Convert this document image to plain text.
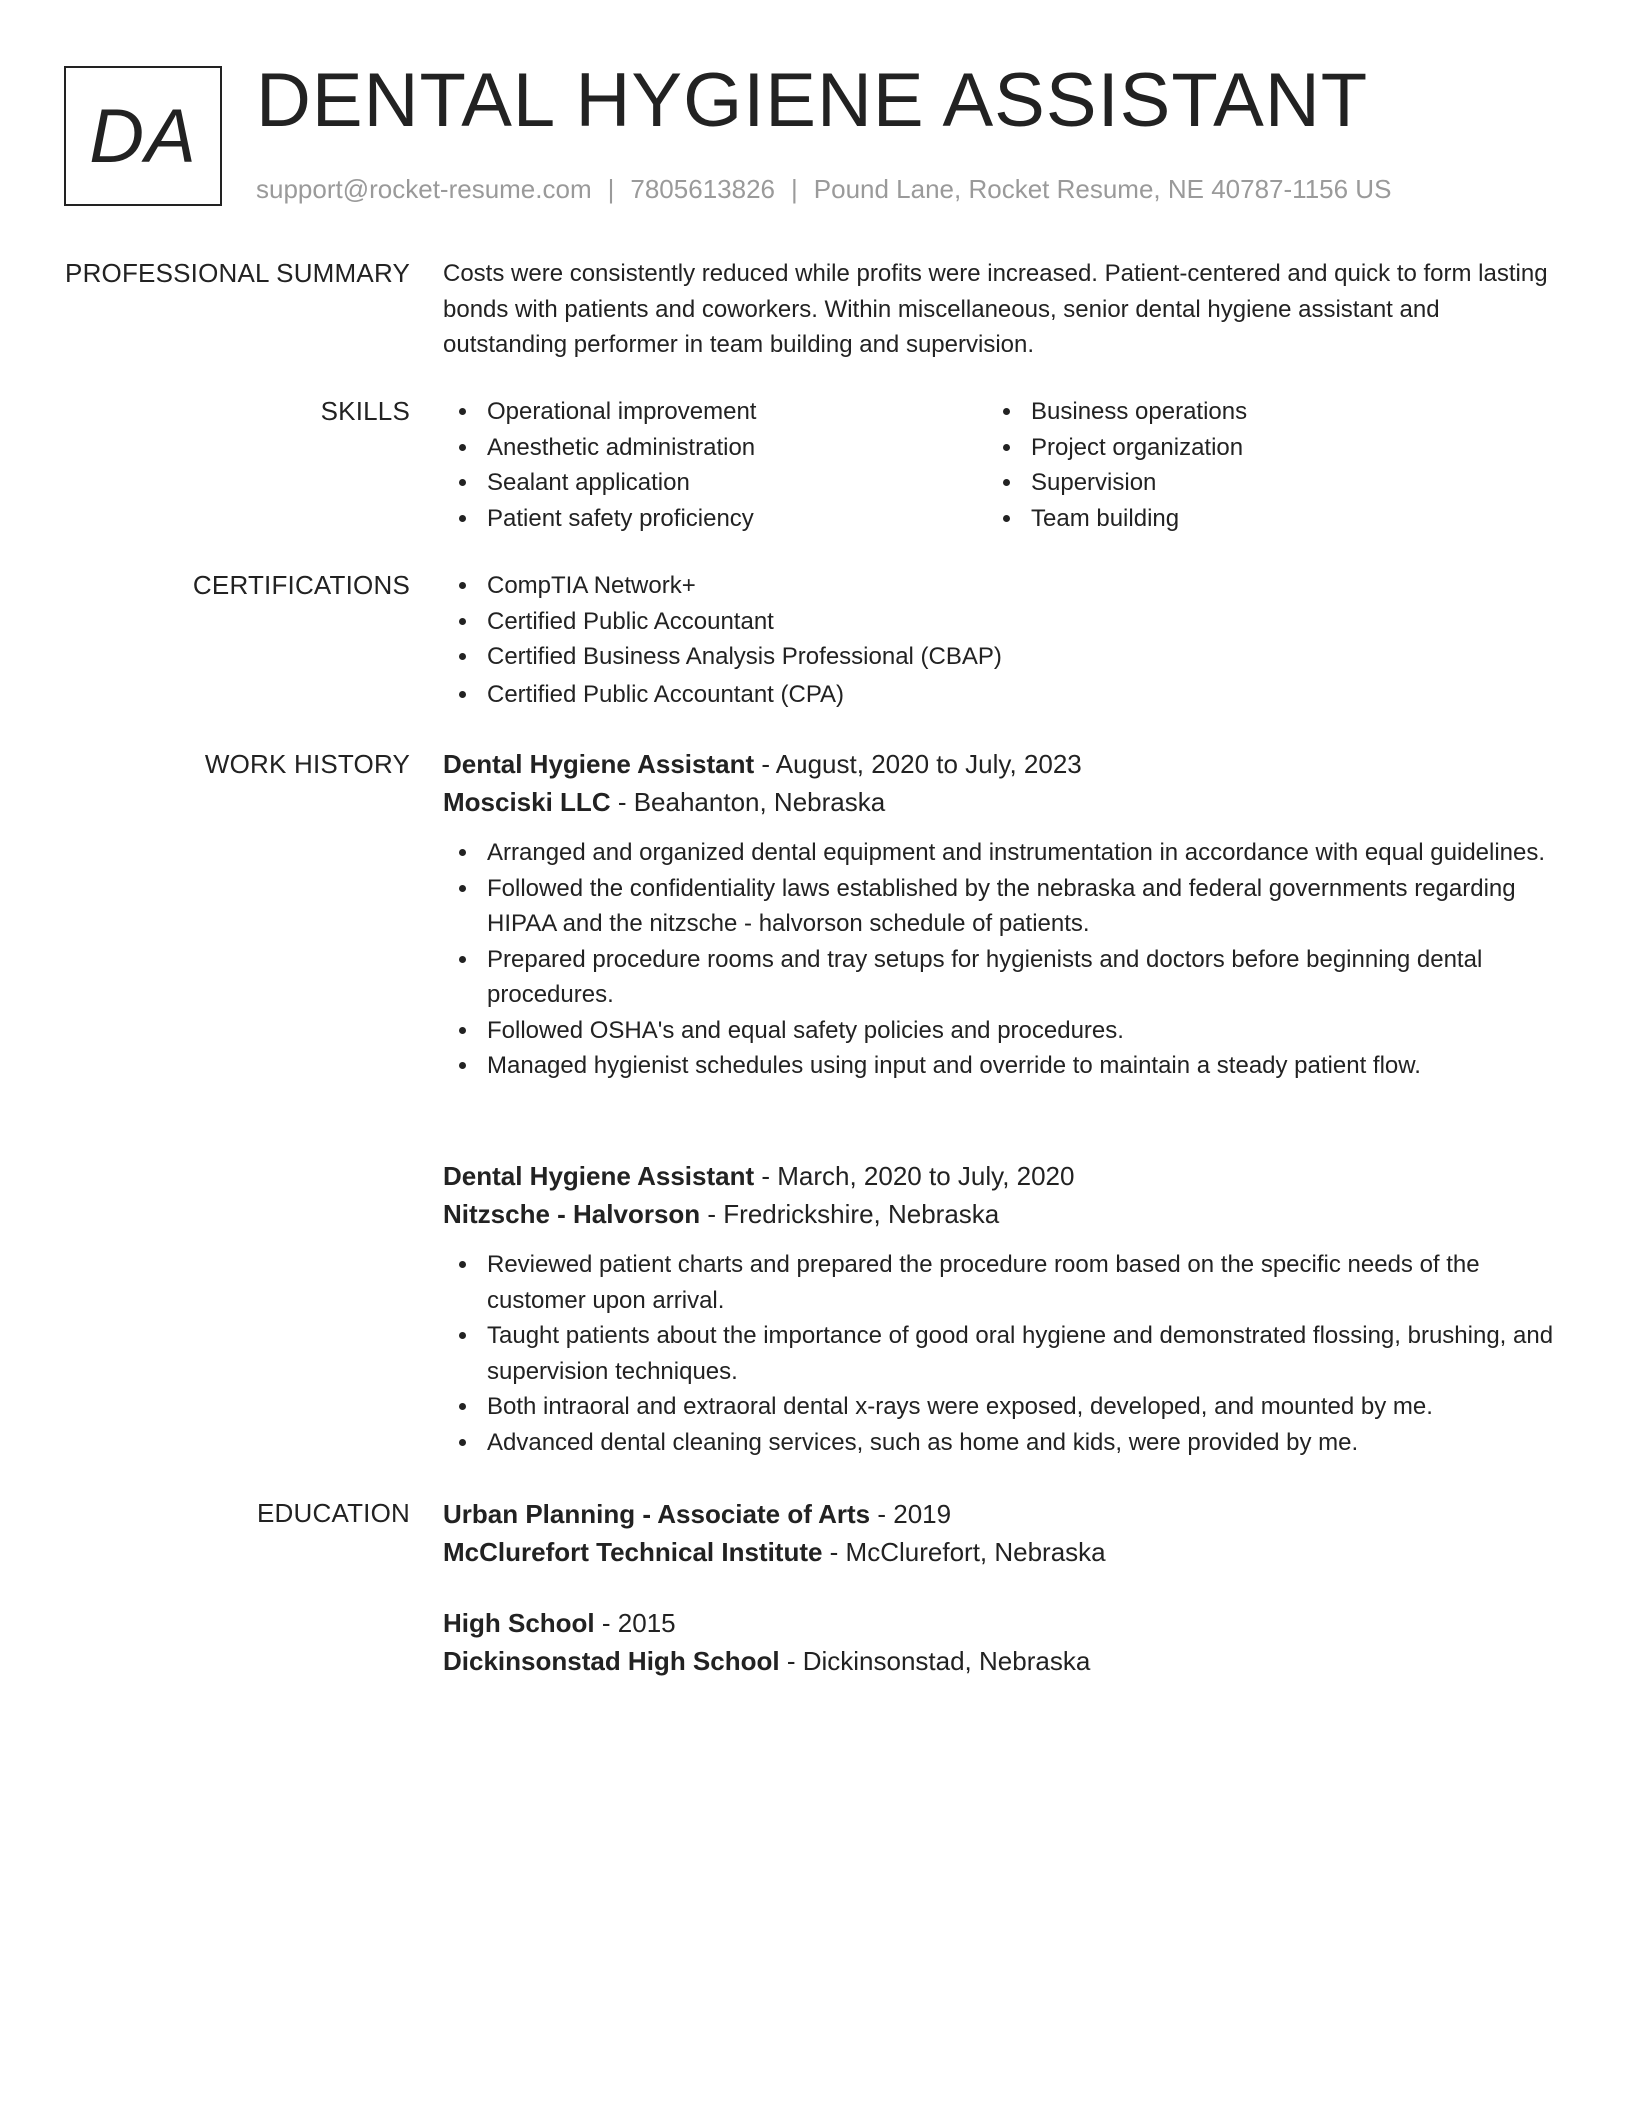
DA DENTAL HYGIENE ASSISTANT
support@rocket-resume.com | 7805613826 | Pound Lane, Rocket Resume, NE 40787-1156 US
PROFESSIONAL SUMMARY Costs were consistently reduced while profits were increased. Patient-centered and quick to form lasting bonds with patients and coworkers. Within miscellaneous, senior dental hygiene assistant and outstanding performer in team building and supervision.

SKILLS	Operational improvement
Anesthetic administration
Sealant application
Patient safety proficiency
Business operations
Project organization
Supervision
Team building
CERTIFICATIONS	CompTIA Network+
Certified Public Accountant
Certified Business Analysis Professional (CBAP)
Certified Public Accountant (CPA)
WORK HISTORY Dental Hygiene Assistant - August, 2020 to July, 2023
Mosciski LLC - Beahanton, Nebraska
Arranged and organized dental equipment and instrumentation in accordance with equal guidelines.
Followed the confidentiality laws established by the nebraska and federal governments regarding HIPAA and the nitzsche - halvorson schedule of patients.
Prepared procedure rooms and tray setups for hygienists and doctors before beginning dental procedures.
Followed OSHA's and equal safety policies and procedures.
Managed hygienist schedules using input and override to maintain a steady patient flow.
Dental Hygiene Assistant - March, 2020 to July, 2020
Nitzsche - Halvorson - Fredrickshire, Nebraska
Reviewed patient charts and prepared the procedure room based on the specific needs of the customer upon arrival.
Taught patients about the importance of good oral hygiene and demonstrated flossing, brushing, and supervision techniques.
Both intraoral and extraoral dental x-rays were exposed, developed, and mounted by me.
Advanced dental cleaning services, such as home and kids, were provided by me.
EDUCATION Urban Planning - Associate of Arts - 2019
McClurefort Technical Institute - McClurefort, Nebraska
High School - 2015
Dickinsonstad High School - Dickinsonstad, Nebraska
